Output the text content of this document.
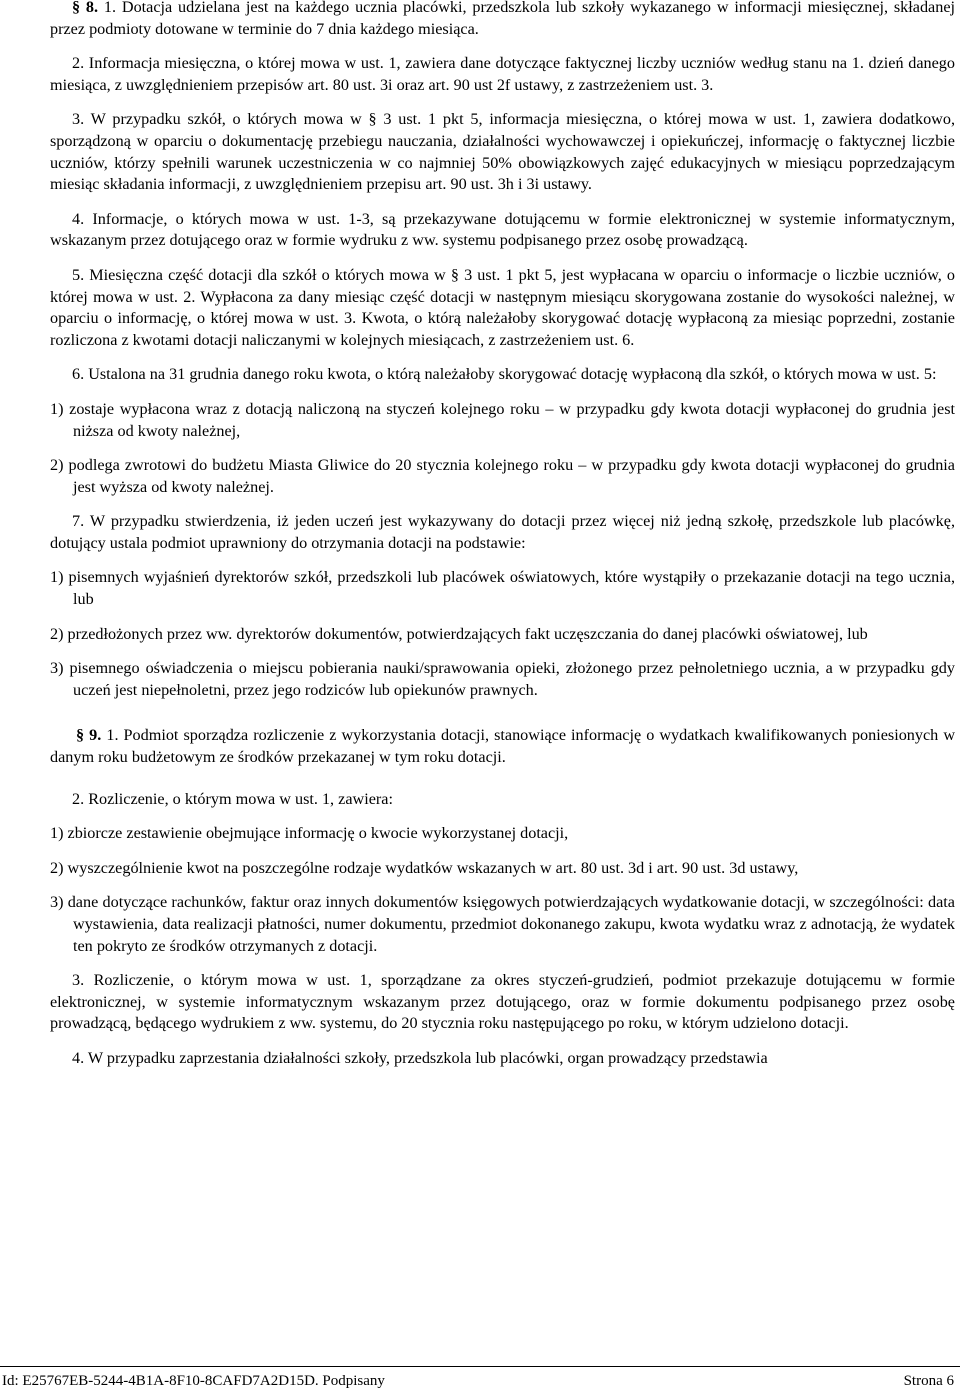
§ 8. 1. Dotacja udzielana jest na każdego ucznia placówki, przedszkola lub szkoły wykazanego w informacji miesięcznej, składanej przez podmioty dotowane w terminie do 7 dnia każdego miesiąca.

2. Informacja miesięczna, o której mowa w ust. 1, zawiera dane dotyczące faktycznej liczby uczniów według stanu na 1. dzień danego miesiąca, z uwzględnieniem przepisów art. 80 ust. 3i oraz art. 90 ust 2f ustawy, z zastrzeżeniem ust. 3.

3. W przypadku szkół, o których mowa w § 3 ust. 1 pkt 5, informacja miesięczna, o której mowa w ust. 1, zawiera dodatkowo, sporządzoną w oparciu o dokumentację przebiegu nauczania, działalności wychowawczej i opiekuńczej, informację o faktycznej liczbie uczniów, którzy spełnili warunek uczestniczenia w co najmniej 50% obowiązkowych zajęć edukacyjnych w miesiącu poprzedzającym miesiąc składania informacji, z uwzględnieniem przepisu art. 90 ust. 3h i 3i ustawy.

4. Informacje, o których mowa w ust. 1-3, są przekazywane dotującemu w formie elektronicznej w systemie informatycznym, wskazanym przez dotującego oraz w formie wydruku z ww. systemu podpisanego przez osobę prowadzącą.

5. Miesięczna część dotacji dla szkół o których mowa w § 3 ust. 1 pkt 5, jest wypłacana w oparciu o informacje o liczbie uczniów, o której mowa w ust. 2. Wypłacona za dany miesiąc część dotacji w następnym miesiącu skorygowana zostanie do wysokości należnej, w oparciu o informację, o której mowa w ust. 3. Kwota, o którą należałoby skorygować dotację wypłaconą za miesiąc poprzedni, zostanie rozliczona z kwotami dotacji naliczanymi w kolejnych miesiącach, z zastrzeżeniem ust. 6.

6. Ustalona na 31 grudnia danego roku kwota, o którą należałoby skorygować dotację wypłaconą dla szkół, o których mowa w ust. 5:

1) zostaje wypłacona wraz z dotacją naliczoną na styczeń kolejnego roku – w przypadku gdy kwota dotacji wypłaconej do grudnia jest niższa od kwoty należnej,

2) podlega zwrotowi do budżetu Miasta Gliwice do 20 stycznia kolejnego roku – w przypadku gdy kwota dotacji wypłaconej do grudnia jest wyższa od kwoty należnej.

7. W przypadku stwierdzenia, iż jeden uczeń jest wykazywany do dotacji przez więcej niż jedną szkołę, przedszkole lub placówkę, dotujący ustala podmiot uprawniony do otrzymania dotacji na podstawie:

1) pisemnych wyjaśnień dyrektorów szkół, przedszkoli lub placówek oświatowych, które wystąpiły o przekazanie dotacji na tego ucznia, lub

2) przedłożonych przez ww. dyrektorów dokumentów, potwierdzających fakt uczęszczania do danej placówki oświatowej, lub

3) pisemnego oświadczenia o miejscu pobierania nauki/sprawowania opieki, złożonego przez pełnoletniego ucznia, a w przypadku gdy uczeń jest niepełnoletni, przez jego rodziców lub opiekunów prawnych.

§ 9. 1. Podmiot sporządza rozliczenie z wykorzystania dotacji, stanowiące informację o wydatkach kwalifikowanych poniesionych w danym roku budżetowym ze środków przekazanej w tym roku dotacji.

2. Rozliczenie, o którym mowa w ust. 1, zawiera:

1) zbiorcze zestawienie obejmujące informację o kwocie wykorzystanej dotacji,

2) wyszczególnienie kwot na poszczególne rodzaje wydatków wskazanych w art. 80 ust. 3d i art. 90 ust. 3d ustawy,

3) dane dotyczące rachunków, faktur oraz innych dokumentów księgowych potwierdzających wydatkowanie dotacji, w szczególności: data wystawienia, data realizacji płatności, numer dokumentu, przedmiot dokonanego zakupu, kwota wydatku wraz z adnotacją, że wydatek ten pokryto ze środków otrzymanych z dotacji.

3. Rozliczenie, o którym mowa w ust. 1, sporządzane za okres styczeń-grudzień, podmiot przekazuje dotującemu w formie elektronicznej, w systemie informatycznym wskazanym przez dotującego, oraz w formie dokumentu podpisanego przez osobę prowadzącą, będącego wydrukiem z ww. systemu, do 20 stycznia roku następującego po roku, w którym udzielono dotacji.

4. W przypadku zaprzestania działalności szkoły, przedszkola lub placówki, organ prowadzący przedstawia

Id: E25767EB-5244-4B1A-8F10-8CAFD7A2D15D. Podpisany	Strona 6
